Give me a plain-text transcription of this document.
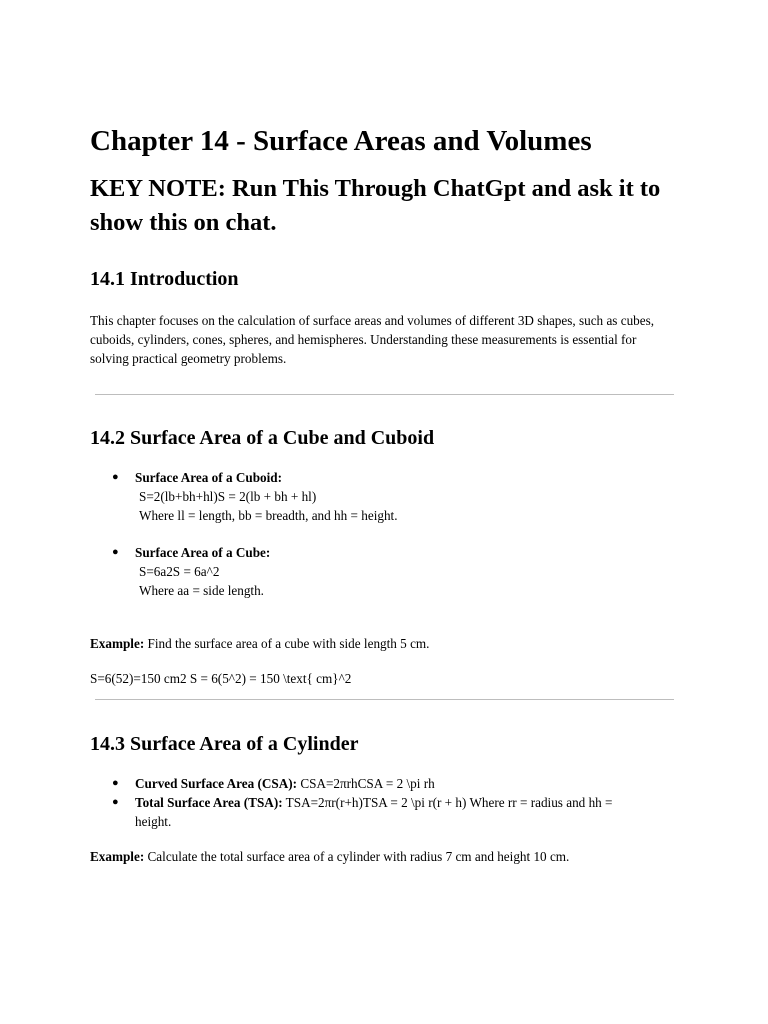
Chapter 14 - Surface Areas and Volumes
KEY NOTE: Run This Through ChatGpt and ask it to show this on chat.
14.1 Introduction

This chapter focuses on the calculation of surface areas and volumes of different 3D shapes, such as cubes, cuboids, cylinders, cones, spheres, and hemispheres. Understanding these measurements is essential for solving practical geometry problems.

14.2 Surface Area of a Cube and Cuboid
● Surface Area of a Cuboid:
S=2(lb+bh+hl)S = 2(lb + bh + hl)
Where ll = length, bb = breadth, and hh = height.
● Surface Area of a Cube:
S=6a2S = 6a^2
Where aa = side length.

Example: Find the surface area of a cube with side length 5 cm.

S=6(52)=150 cm2 S = 6(5^2) = 150 \text{ cm}^2

14.3 Surface Area of a Cylinder
● Curved Surface Area (CSA): CSA=2πrhCSA = 2 \pi rh
● Total Surface Area (TSA): TSA=2πr(r+h)TSA = 2 \pi r(r + h) Where rr = radius and hh = height.

Example: Calculate the total surface area of a cylinder with radius 7 cm and height 10 cm.
